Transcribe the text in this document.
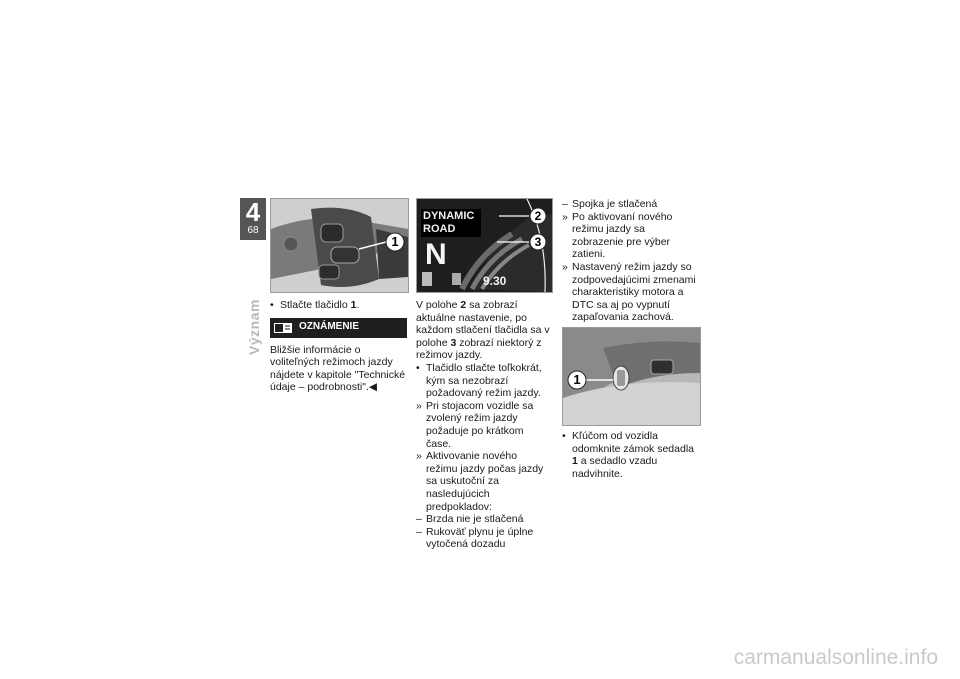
4
68
Význam
1
• Stlačte tlačidlo 1.
OZNÁMENIE
Bližšie informácie o voliteľných režimoch jazdy nájdete v kapitole "Technické údaje – podrobnosti".◀
DYNAMIC
ROAD
N
9.30
2
3
V polohe 2 sa zobrazí aktuálne nastavenie, po každom stlačení tlačidla sa v polohe 3 zobrazí niektorý z režimov jazdy.
• Tlačidlo stlačte toľkokrát, kým sa nezobrazí požadovaný režim jazdy.
» Pri stojacom vozidle sa zvolený režim jazdy požaduje po krátkom čase.
» Aktivovanie nového režimu jazdy počas jazdy sa uskutoční za nasledujúcich predpokladov:
– Brzda nie je stlačená
– Rukoväť plynu je úplne vytočená dozadu
– Spojka je stlačená
» Po aktivovaní nového režimu jazdy sa zobrazenie pre výber zatieni.
» Nastavený režim jazdy so zodpovedajúcimi zmenami charakteristiky motora a DTC sa aj po vypnutí zapaľovania zachová.
1
• Kľúčom od vozidla odomknite zámok sedadla 1 a sedadlo vzadu nadvihnite.
carmanualsonline.info
